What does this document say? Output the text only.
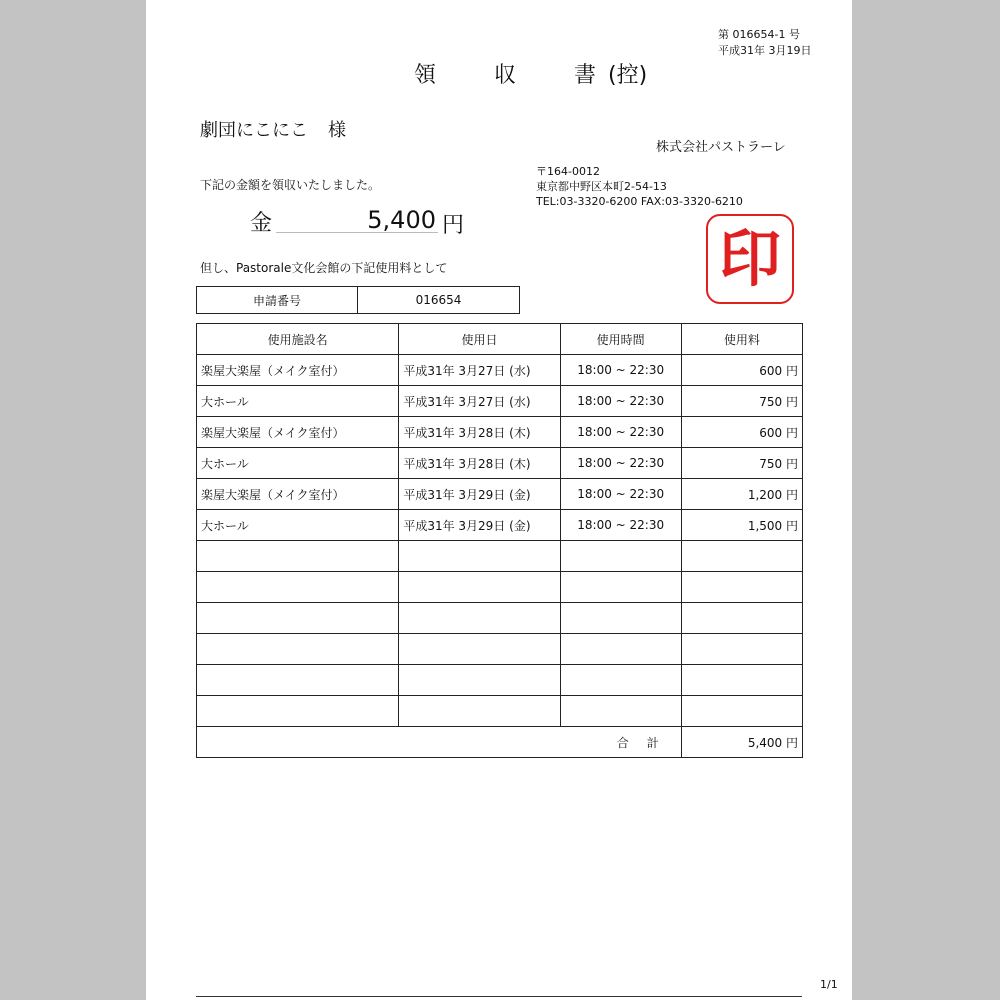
第 016654-1 号
平成31年 3月19日
領	収	書 (控)
劇団にこにこ 様
株式会社パストラーレ
〒164-0012
東京都中野区本町2-54-13
TEL:03-3320-6200 FAX:03-3320-6210
下記の金額を領収いたしました。
金	5,400 円	印
但し、Pastorale文化会館の下記使用料として
申請番号	016654
使用施設名	使用日	使用時間	使用料
楽屋大楽屋（メイク室付）	平成31年 3月27日 (水)	18:00 ~ 22:30	600 円
大ホール	平成31年 3月27日 (水)	18:00 ~ 22:30	750 円
楽屋大楽屋（メイク室付）	平成31年 3月28日 (木)	18:00 ~ 22:30	600 円
大ホール	平成31年 3月28日 (木)	18:00 ~ 22:30	750 円
楽屋大楽屋（メイク室付）	平成31年 3月29日 (金)	18:00 ~ 22:30	1,200 円
大ホール	平成31年 3月29日 (金)	18:00 ~ 22:30	1,500 円

合計			5,400 円
1/1
